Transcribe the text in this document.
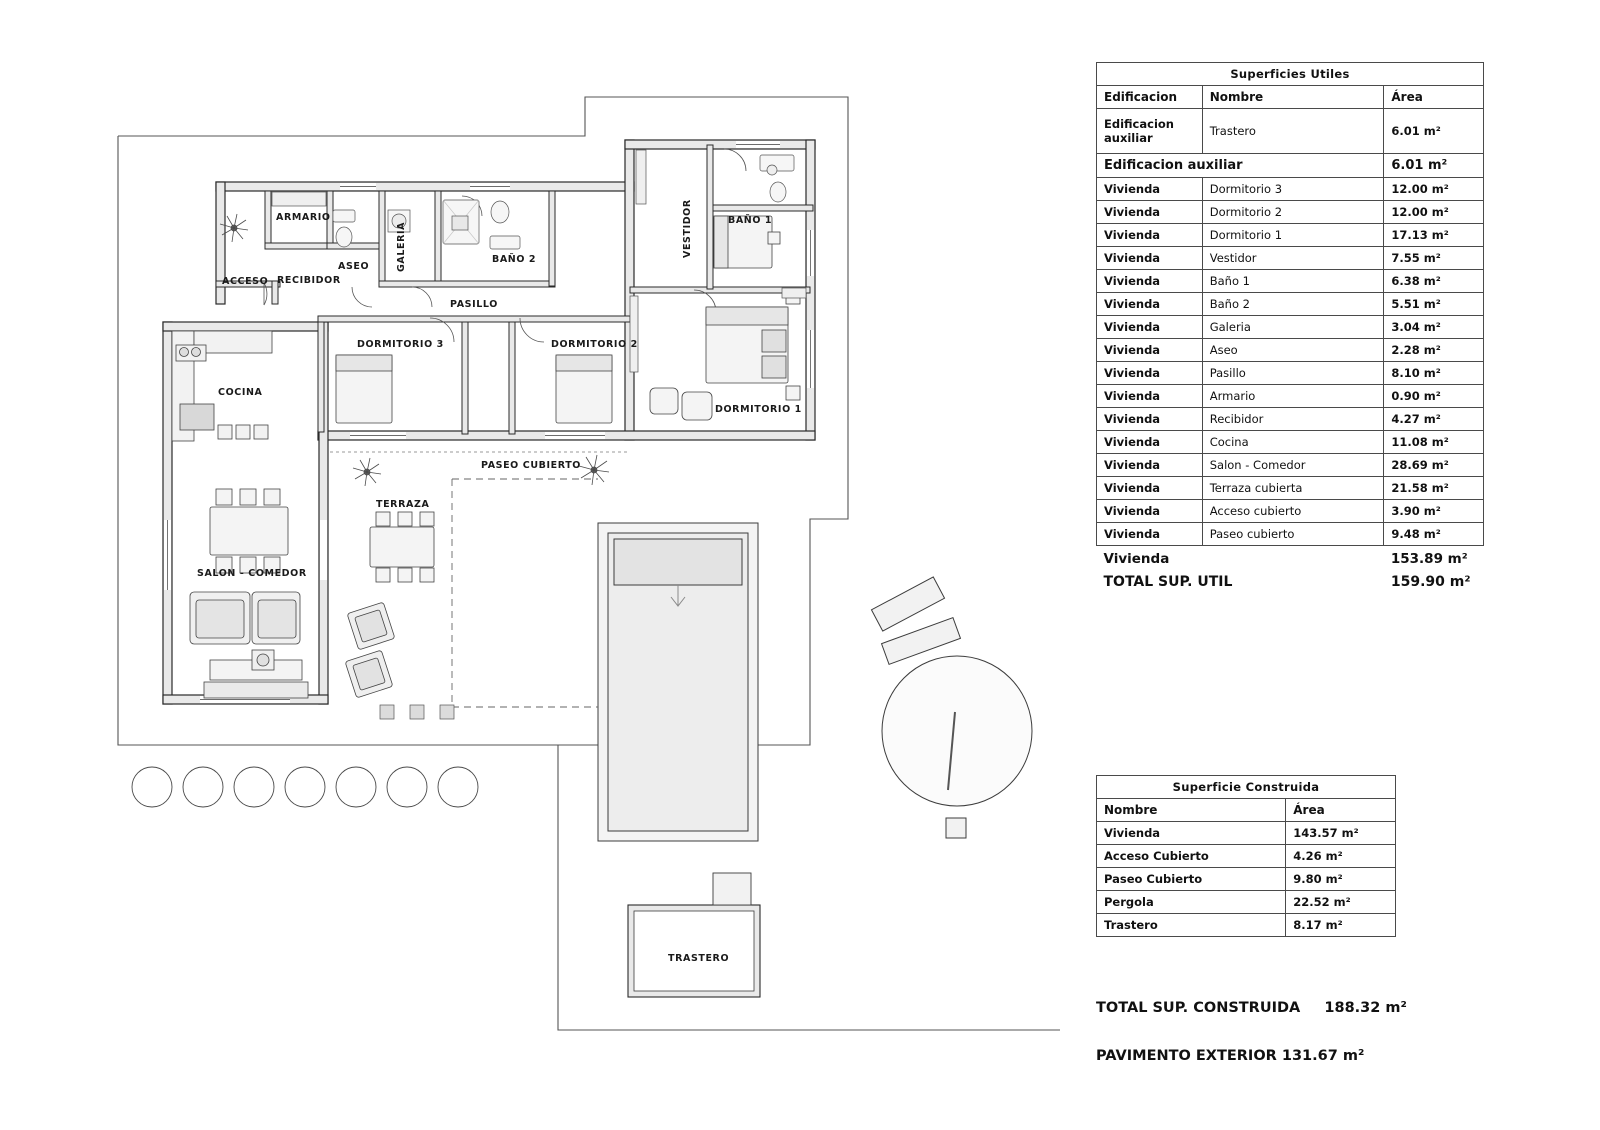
ARMARIO
ACCESO RECIBIDOR
ASEO	GALERIA	BAÑO 2
BAÑO 1
VESTIDOR
PASILLO
DORMITORIO 3	DORMITORIO 2
DORMITORIO 1
COCINA
SALON - COMEDOR
TERRAZA
PASEO CUBIERTO
TRASTERO
Superficies Utiles		
Edificacion	Nombre	Área
Edificacion auxiliar	Trastero	6.01 m²
Edificacion auxiliar		6.01 m²
Vivienda	Dormitorio 3	12.00 m²
Vivienda	Dormitorio 2	12.00 m²
Vivienda	Dormitorio 1	17.13 m²
Vivienda	Vestidor	7.55 m²
Vivienda	Baño 1	6.38 m²
Vivienda	Baño 2	5.51 m²
Vivienda	Galeria	3.04 m²
Vivienda	Aseo	2.28 m²
Vivienda	Pasillo	8.10 m²
Vivienda	Armario	0.90 m²
Vivienda	Recibidor	4.27 m²
Vivienda	Cocina	11.08 m²
Vivienda	Salon - Comedor	28.69 m²
Vivienda	Terraza cubierta	21.58 m²
Vivienda	Acceso cubierto	3.90 m²
Vivienda	Paseo cubierto	9.48 m²
Vivienda		153.89 m²
TOTAL SUP. UTIL		159.90 m²
Superficie Construida	
Nombre	Área
Vivienda	143.57 m²
Acceso Cubierto	4.26 m²
Paseo Cubierto	9.80 m²
Pergola	22.52 m²
Trastero	8.17 m²
TOTAL SUP. CONSTRUIDA 188.32 m²
PAVIMENTO EXTERIOR 131.67 m²
